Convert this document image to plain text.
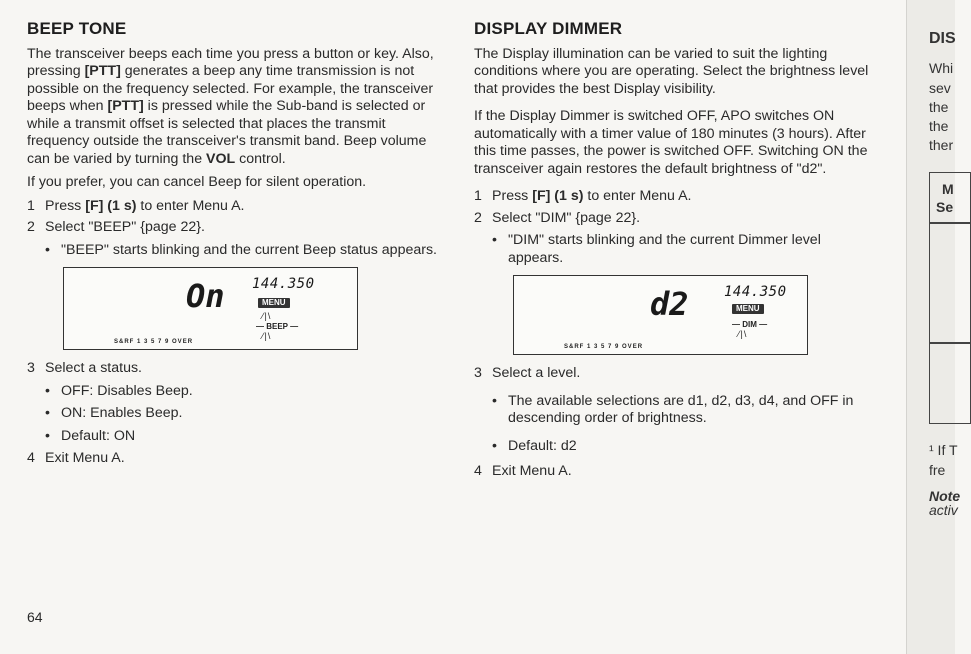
BEEP TONE

The transceiver beeps each time you press a button or key. Also, pressing [PTT] generates a beep any time transmission is not possible on the frequency selected. For example, the transceiver beeps when [PTT] is pressed while the Sub-band is selected or while a transmit offset is selected that places the transmit frequency outside the transceiver's transmit band. Beep volume can be varied by turning the VOL control.

If you prefer, you can cancel Beep for silent operation.

1 Press [F] (1 s) to enter Menu A.
2 Select "BEEP" {page 22}.
• "BEEP" starts blinking and the current Beep status appears.
144.350
On	MENU
⁄|\
— BEEP —
⁄|\
S&RF 1 3 5 7 9 OVER
3 Select a status.
• OFF: Disables Beep.
• ON: Enables Beep.
• Default: ON
4 Exit Menu A.
DISPLAY DIMMER

The Display illumination can be varied to suit the lighting conditions where you are operating. Select the brightness level that provides the best Display visibility.

If the Display Dimmer is switched OFF, APO switches ON automatically with a timer value of 180 minutes (3 hours). After this time passes, the power is switched OFF. Switching ON the transceiver again restores the default brightness of "d2".

1 Press [F] (1 s) to enter Menu A.
2 Select "DIM" {page 22}.
• "DIM" starts blinking and the current Dimmer level appears.
144.350
d2	MENU
— DIM —
⁄|\
S&RF 1 3 5 7 9 OVER
3 Select a level.
• The available selections are d1, d2, d3, d4, and OFF in descending order of brightness.
• Default: d2
4 Exit Menu A.
64
DIS
Whi
sev
the
the
ther
M
Se
¹ If T
fre
Note
activ
